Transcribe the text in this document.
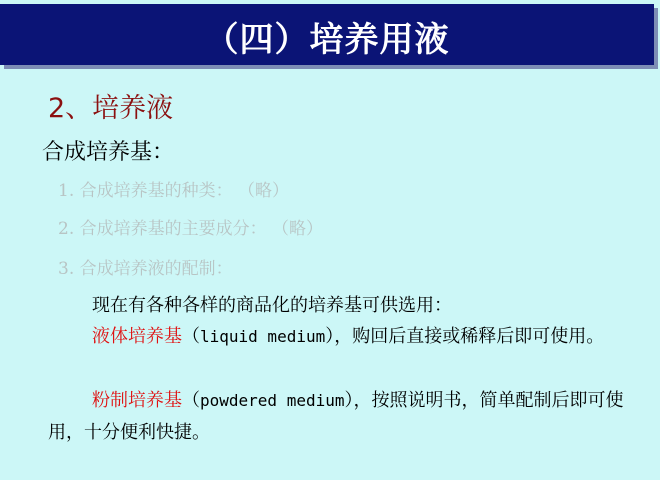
（四）培养用液
2、培养液
合成培养基：
1. 合成培养基的种类： （略）
2. 合成培养基的主要成分： （略）
3. 合成培养液的配制：
现在有各种各样的商品化的培养基可供选用：
液体培养基（liquid medium），购回后直接或稀释后即可使用。
粉制培养基（powdered medium），按照说明书，简单配制后即可使用，十分便利快捷。
